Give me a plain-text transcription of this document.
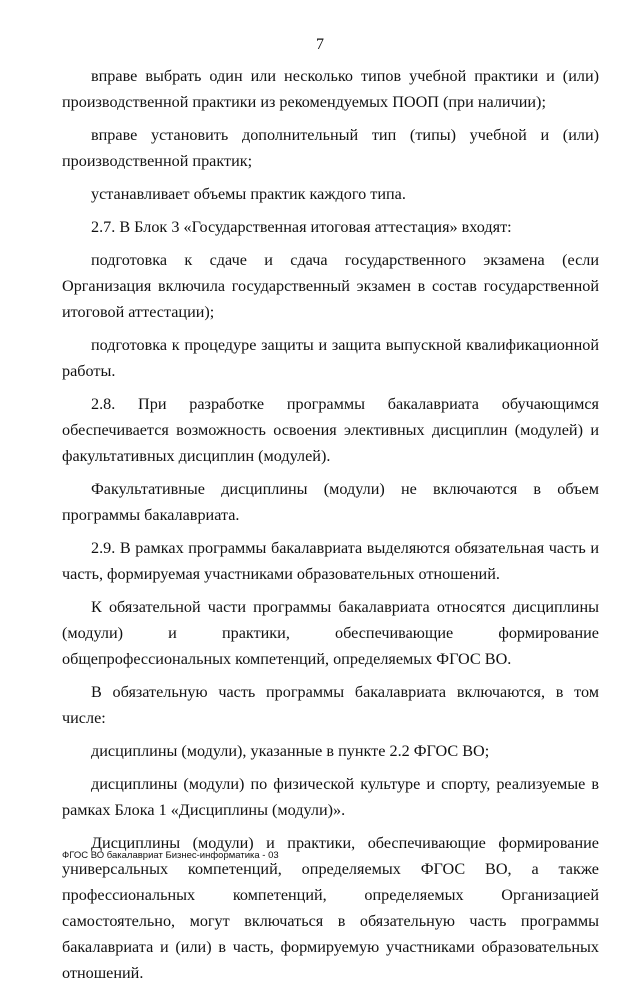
7

вправе выбрать один или несколько типов учебной практики и (или) производственной практики из рекомендуемых ПООП (при наличии);

вправе установить дополнительный тип (типы) учебной и (или) производственной практик;

устанавливает объемы практик каждого типа.

2.7. В Блок 3 «Государственная итоговая аттестация» входят:

подготовка к сдаче и сдача государственного экзамена (если Организация включила государственный экзамен в состав государственной итоговой аттестации);

подготовка к процедуре защиты и защита выпускной квалификационной работы.

2.8. При разработке программы бакалавриата обучающимся обеспечивается возможность освоения элективных дисциплин (модулей) и факультативных дисциплин (модулей).

Факультативные дисциплины (модули) не включаются в объем программы бакалавриата.

2.9. В рамках программы бакалавриата выделяются обязательная часть и часть, формируемая участниками образовательных отношений.

К обязательной части программы бакалавриата относятся дисциплины (модули) и практики, обеспечивающие формирование общепрофессиональных компетенций, определяемых ФГОС ВО.

В обязательную часть программы бакалавриата включаются, в том числе:

дисциплины (модули), указанные в пункте 2.2 ФГОС ВО;

дисциплины (модули) по физической культуре и спорту, реализуемые в рамках Блока 1 «Дисциплины (модули)».

Дисциплины (модули) и практики, обеспечивающие формирование универсальных компетенций, определяемых ФГОС ВО, а также профессиональных компетенций, определяемых Организацией самостоятельно, могут включаться в обязательную часть программы бакалавриата и (или) в часть, формируемую участниками образовательных отношений.

ФГОС ВО бакалавриат Бизнес-информатика - 03
